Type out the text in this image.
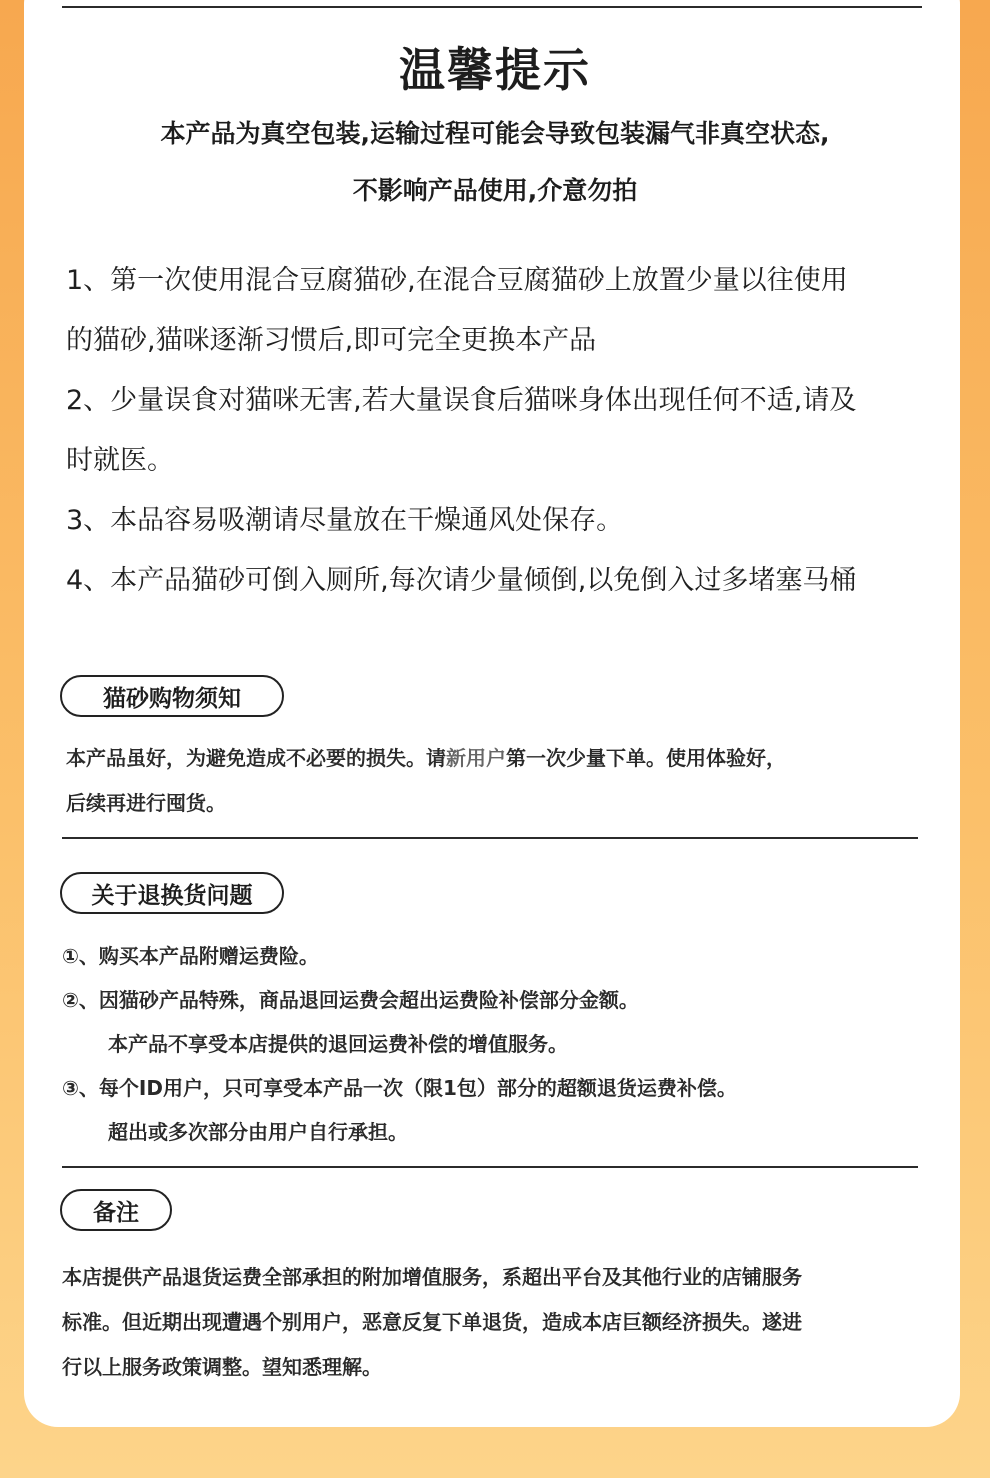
温馨提示
本产品为真空包装,运输过程可能会导致包装漏气非真空状态,
不影响产品使用,介意勿拍
1、第一次使用混合豆腐猫砂,在混合豆腐猫砂上放置少量以往使用
的猫砂,猫咪逐渐习惯后,即可完全更换本产品
2、少量误食对猫咪无害,若大量误食后猫咪身体出现任何不适,请及
时就医。
3、本品容易吸潮请尽量放在干燥通风处保存。
4、本产品猫砂可倒入厕所,每次请少量倾倒,以免倒入过多堵塞马桶
猫砂购物须知
本产品虽好，为避免造成不必要的损失。请新用户第一次少量下单。使用体验好，
后续再进行囤货。
关于退换货问题
①、购买本产品附赠运费险。
②、因猫砂产品特殊，商品退回运费会超出运费险补偿部分金额。
本产品不享受本店提供的退回运费补偿的增值服务。
③、每个ID用户，只可享受本产品一次（限1包）部分的超额退货运费补偿。
超出或多次部分由用户自行承担。
备注
本店提供产品退货运费全部承担的附加增值服务，系超出平台及其他行业的店铺服务
标准。但近期出现遭遇个别用户，恶意反复下单退货，造成本店巨额经济损失。遂进
行以上服务政策调整。望知悉理解。
